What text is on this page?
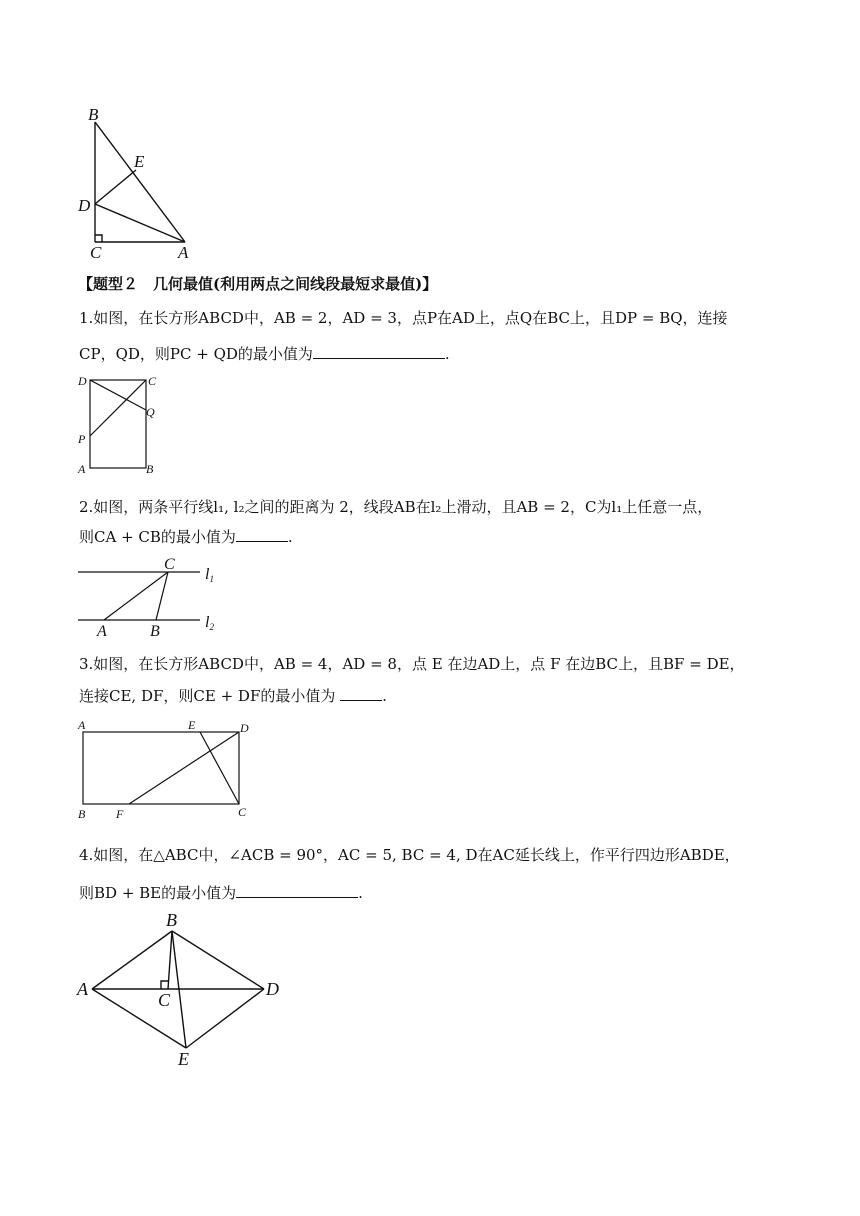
B
E
D
C	A
【题型２　几何最值(利用两点之间线段最短求最值)】
1.如图，在长方形ABCD中，AB = 2，AD = 3，点P在AD上，点Q在BC上，且DP = BQ，连接
CP，QD，则PC + QD的最小值为	.
D	C
Q
P
A	B
2.如图，两条平行线l₁, l₂之间的距离为 2，线段AB在l₂上滑动，且AB = 2，C为l₁上任意一点，
则CA + CB的最小值为	.
C
A	B
l1
l2
3.如图，在长方形ABCD中，AB = 4，AD = 8，点 E 在边AD上，点 F 在边BC上，且BF = DE，
连接CE, DF，则CE + DF的最小值为	.
A	E	D
B	F	C
4.如图，在△ABC中，∠ACB = 90°，AC = 5, BC = 4, D在AC延长线上，作平行四边形ABDE，
则BD + BE的最小值为	.
B
A
C
D
E
